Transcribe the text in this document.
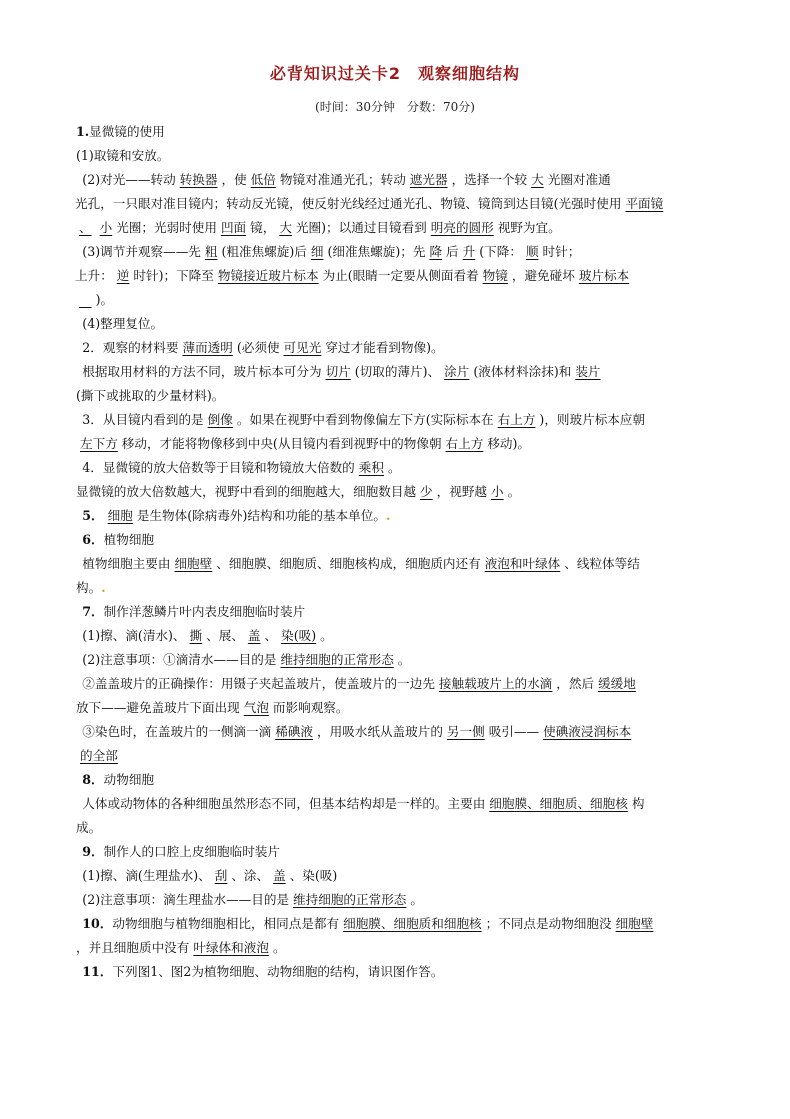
必背知识过关卡2　观察细胞结构
(时间：30分钟　分数：70分)

1.显微镜的使用

(1)取镜和安放。

 (2)对光——转动 转换器 ，使 低倍 物镜对准通光孔；转动 遮光器 ，选择一个较 大 光圈对准通

光孔，一只眼对准目镜内；转动反光镜，使反射光线经过通光孔、物镜、镜筒到达目镜(光强时使用 平面镜

、 小 光圈；光弱时使用 凹面 镜， 大 光圈)；以通过目镜看到 明亮的圆形 视野为宜。

 (3)调节并观察——先 粗 (粗准焦螺旋)后 细 (细准焦螺旋)；先 降 后 升 (下降： 顺 时针；

上升： 逆 时针)；下降至 物镜接近玻片标本 为止(眼睛一定要从侧面看着 物镜 ，避免碰坏 玻片标本

 )。

 (4)整理复位。

 2．观察的材料要 薄而透明 (必须使 可见光 穿过才能看到物像)。

 根据取用材料的方法不同，玻片标本可分为 切片 (切取的薄片)、 涂片 (液体材料涂抹)和 装片

(撕下或挑取的少量材料)。

 3．从目镜内看到的是 倒像 。如果在视野中看到物像偏左下方(实际标本在 右上方 )，则玻片标本应朝

左下方 移动，才能将物像移到中央(从目镜内看到视野中的物像朝 右上方 移动)。

 4．显微镜的放大倍数等于目镜和物镜放大倍数的 乘积 。

显微镜的放大倍数越大，视野中看到的细胞越大，细胞数目越 少 ，视野越 小 。

 5． 细胞 是生物体(除病毒外)结构和功能的基本单位。.

 6．植物细胞

 植物细胞主要由 细胞壁 、细胞膜、细胞质、细胞核构成，细胞质内还有 液泡和叶绿体 、线粒体等结

构。.

 7．制作洋葱鳞片叶内表皮细胞临时装片

 (1)擦、滴(清水)、 撕 、展、 盖 、 染(吸) 。

 (2)注意事项：①滴清水——目的是 维持细胞的正常形态 。

 ②盖盖玻片的正确操作：用镊子夹起盖玻片，使盖玻片的一边先 接触载玻片上的水滴 ，然后 缓缓地

放下——避免盖玻片下面出现 气泡 而影响观察。

 ③染色时，在盖玻片的一侧滴一滴 稀碘液 ，用吸水纸从盖玻片的 另一侧 吸引—— 使碘液浸润标本

的全部

 8．动物细胞

 人体或动物体的各种细胞虽然形态不同，但基本结构却是一样的。主要由 细胞膜、细胞质、细胞核 构

成。

 9．制作人的口腔上皮细胞临时装片

 (1)擦、滴(生理盐水)、 刮 、涂、 盖 、染(吸)

 (2)注意事项：滴生理盐水——目的是 维持细胞的正常形态 。

 10．动物细胞与植物细胞相比，相同点是都有 细胞膜、细胞质和细胞核 ；不同点是动物细胞没 细胞壁

，并且细胞质中没有 叶绿体和液泡 。

 11．下列图1、图2为植物细胞、动物细胞的结构，请识图作答。
